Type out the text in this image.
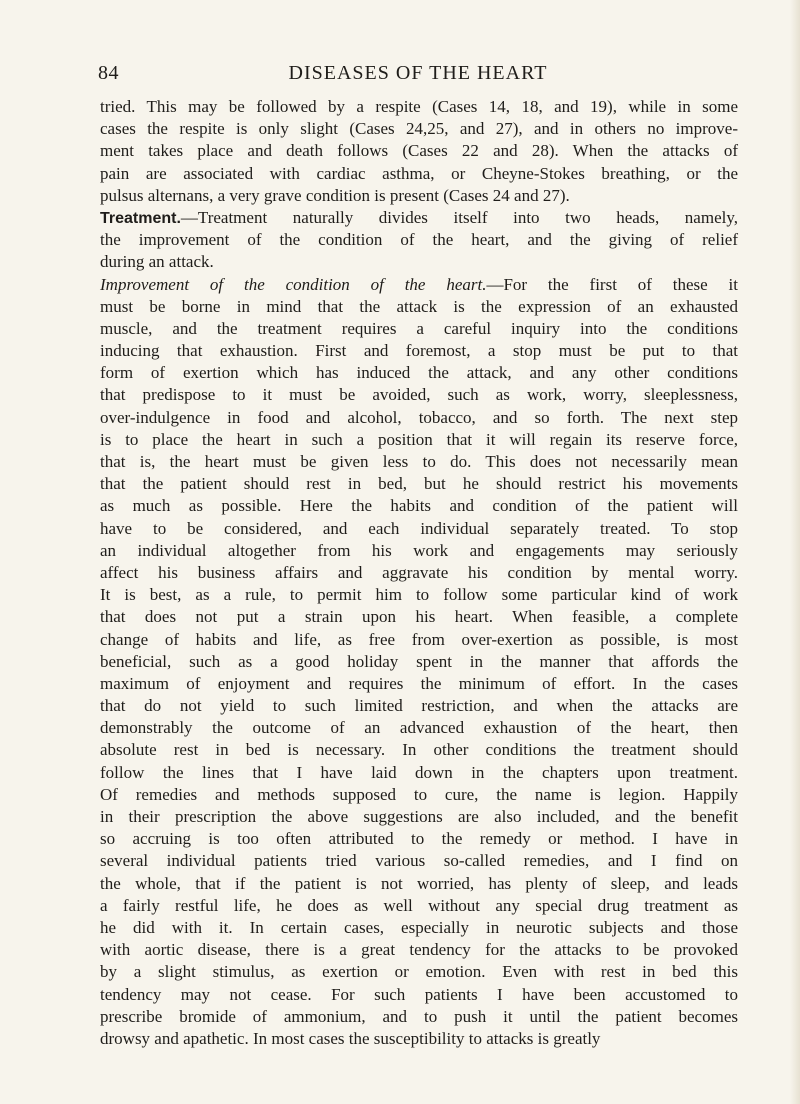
84	DISEASES OF THE HEART
tried. This may be followed by a respite (Cases 14, 18, and 19), while in some
cases the respite is only slight (Cases 24,25, and 27), and in others no improve-
ment takes place and death follows (Cases 22 and 28). When the attacks of
pain are associated with cardiac asthma, or Cheyne-Stokes breathing, or the
pulsus alternans, a very grave condition is present (Cases 24 and 27).
Treatment.—Treatment naturally divides itself into two heads, namely,
the improvement of the condition of the heart, and the giving of relief
during an attack.
Improvement of the condition of the heart.—For the first of these it
must be borne in mind that the attack is the expression of an exhausted
muscle, and the treatment requires a careful inquiry into the conditions
inducing that exhaustion. First and foremost, a stop must be put to that
form of exertion which has induced the attack, and any other conditions
that predispose to it must be avoided, such as work, worry, sleeplessness,
over-indulgence in food and alcohol, tobacco, and so forth. The next step
is to place the heart in such a position that it will regain its reserve force,
that is, the heart must be given less to do. This does not necessarily mean
that the patient should rest in bed, but he should restrict his movements
as much as possible. Here the habits and condition of the patient will
have to be considered, and each individual separately treated. To stop
an individual altogether from his work and engagements may seriously
affect his business affairs and aggravate his condition by mental worry.
It is best, as a rule, to permit him to follow some particular kind of work
that does not put a strain upon his heart. When feasible, a complete
change of habits and life, as free from over-exertion as possible, is most
beneficial, such as a good holiday spent in the manner that affords the
maximum of enjoyment and requires the minimum of effort. In the cases
that do not yield to such limited restriction, and when the attacks are
demonstrably the outcome of an advanced exhaustion of the heart, then
absolute rest in bed is necessary. In other conditions the treatment should
follow the lines that I have laid down in the chapters upon treatment.
Of remedies and methods supposed to cure, the name is legion. Happily
in their prescription the above suggestions are also included, and the benefit
so accruing is too often attributed to the remedy or method. I have in
several individual patients tried various so-called remedies, and I find on
the whole, that if the patient is not worried, has plenty of sleep, and leads
a fairly restful life, he does as well without any special drug treatment as
he did with it. In certain cases, especially in neurotic subjects and those
with aortic disease, there is a great tendency for the attacks to be provoked
by a slight stimulus, as exertion or emotion. Even with rest in bed this
tendency may not cease. For such patients I have been accustomed to
prescribe bromide of ammonium, and to push it until the patient becomes
drowsy and apathetic. In most cases the susceptibility to attacks is greatly
